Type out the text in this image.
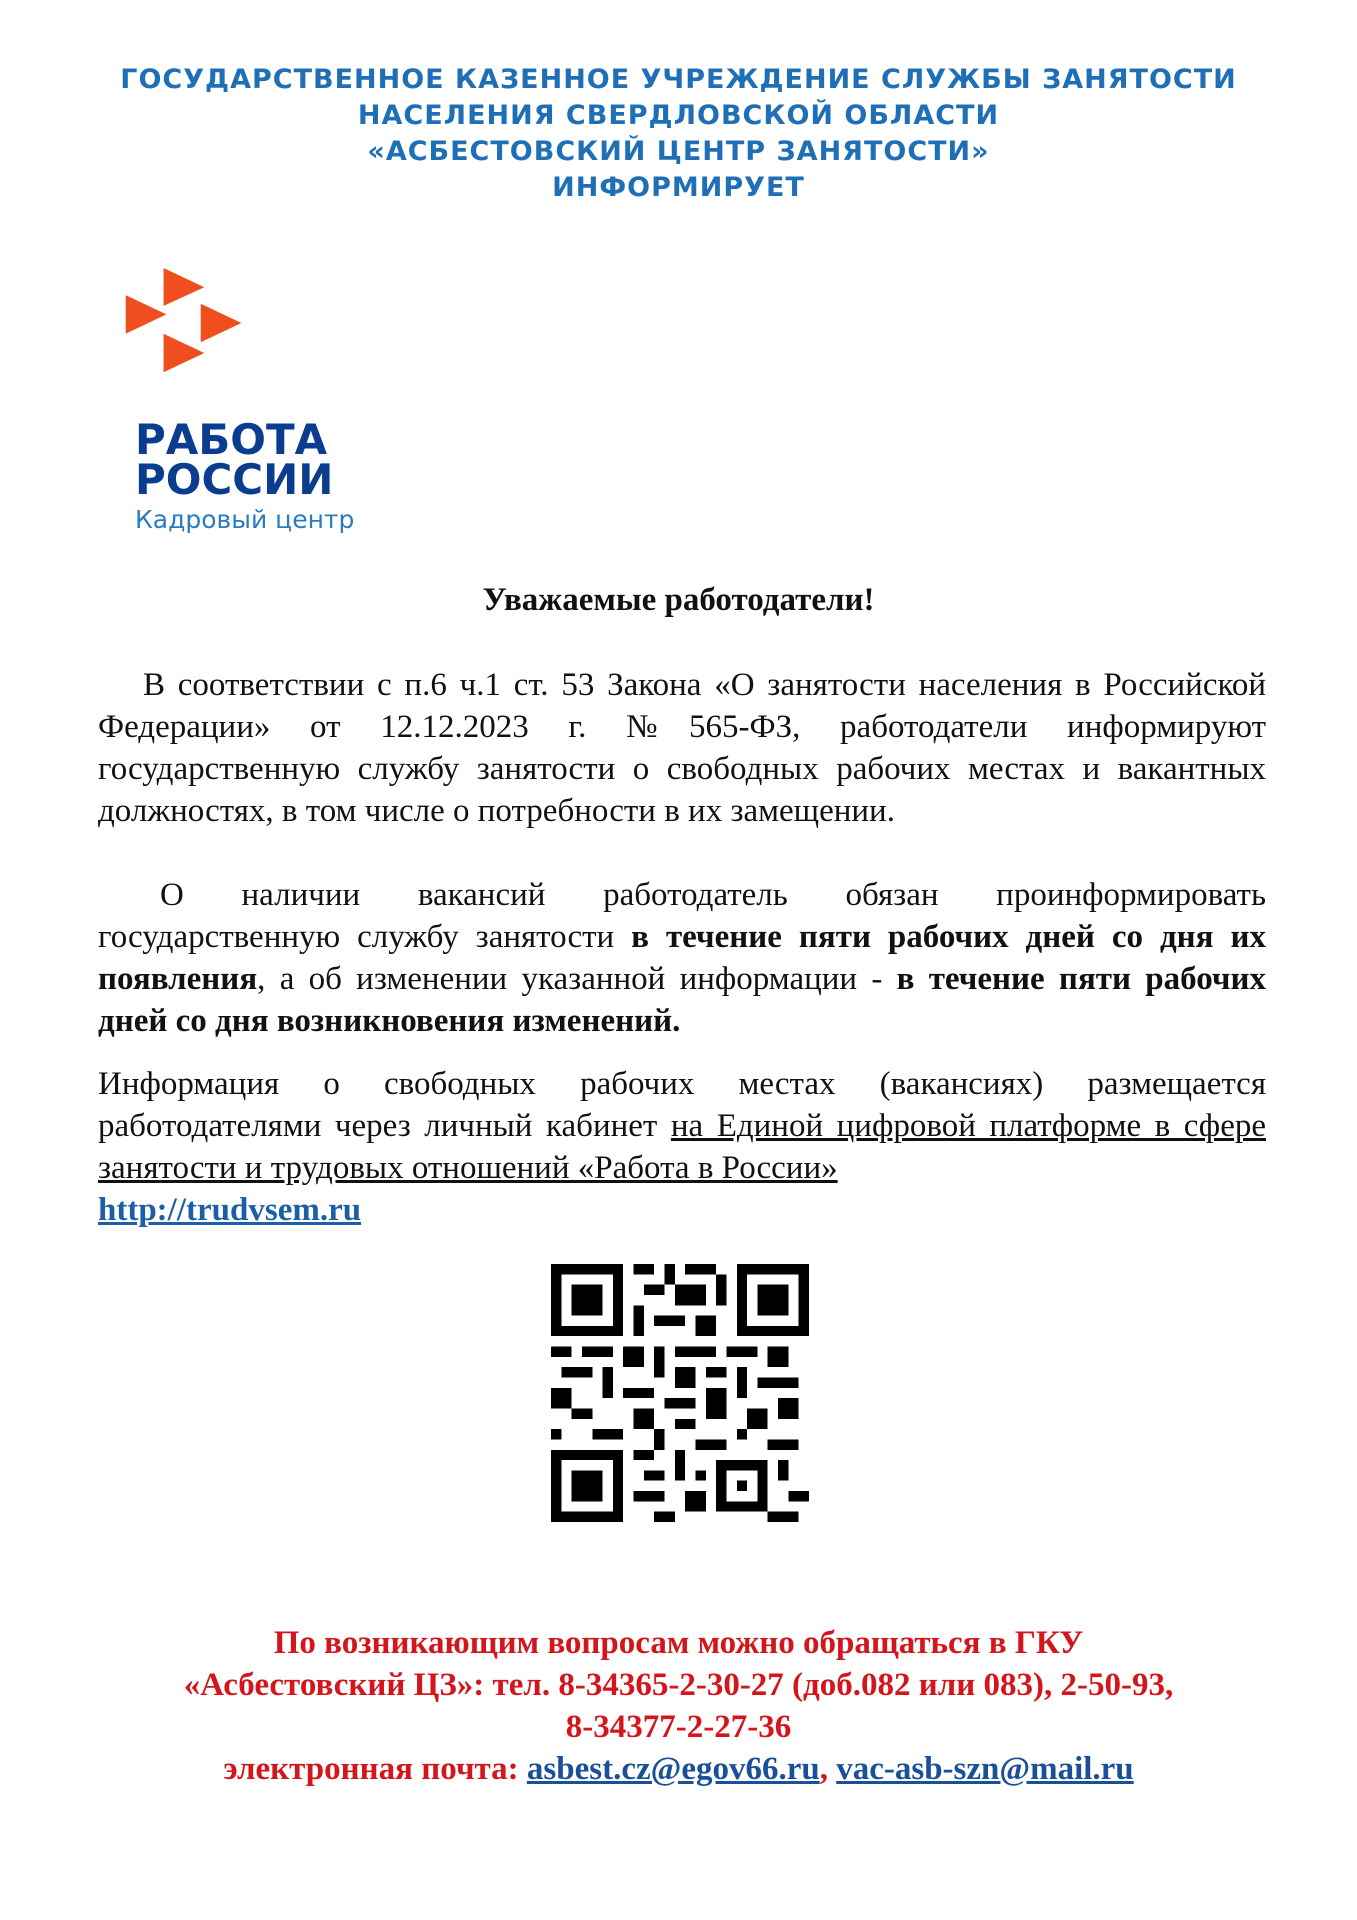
ГОСУДАРСТВЕННОЕ КАЗЕННОЕ УЧРЕЖДЕНИЕ СЛУЖБЫ ЗАНЯТОСТИ
НАСЕЛЕНИЯ СВЕРДЛОВСКОЙ ОБЛАСТИ
«АСБЕСТОВСКИЙ ЦЕНТР ЗАНЯТОСТИ»
ИНФОРМИРУЕТ
РАБОТА
РОССИИ
Кадровый центр
Уважаемые работодатели!
В соответствии с п.6 ч.1 ст. 53 Закона «О занятости населения в Российской Федерации» от 12.12.2023 г. №565-ФЗ, работодатели информируют государственную службу занятости о свободных рабочих местах и вакантных должностях, в том числе о потребности в их замещении.
О наличии вакансий работодатель обязан проинформировать государственную службу занятости в течение пяти рабочих дней со дня их появления, а об изменении указанной информации - в течение пяти рабочих дней со дня возникновения изменений.
Информация о свободных рабочих местах (вакансиях) размещается работодателями через личный кабинет на Единой цифровой платформе в сфере занятости и трудовых отношений «Работа в России»
http://trudvsem.ru
По возникающим вопросам можно обращаться в ГКУ
«Асбестовский ЦЗ»: тел. 8-34365-2-30-27 (доб.082 или 083), 2-50-93,
8-34377-2-27-36
электронная почта: asbest.cz@egov66.ru, vac-asb-szn@mail.ru
